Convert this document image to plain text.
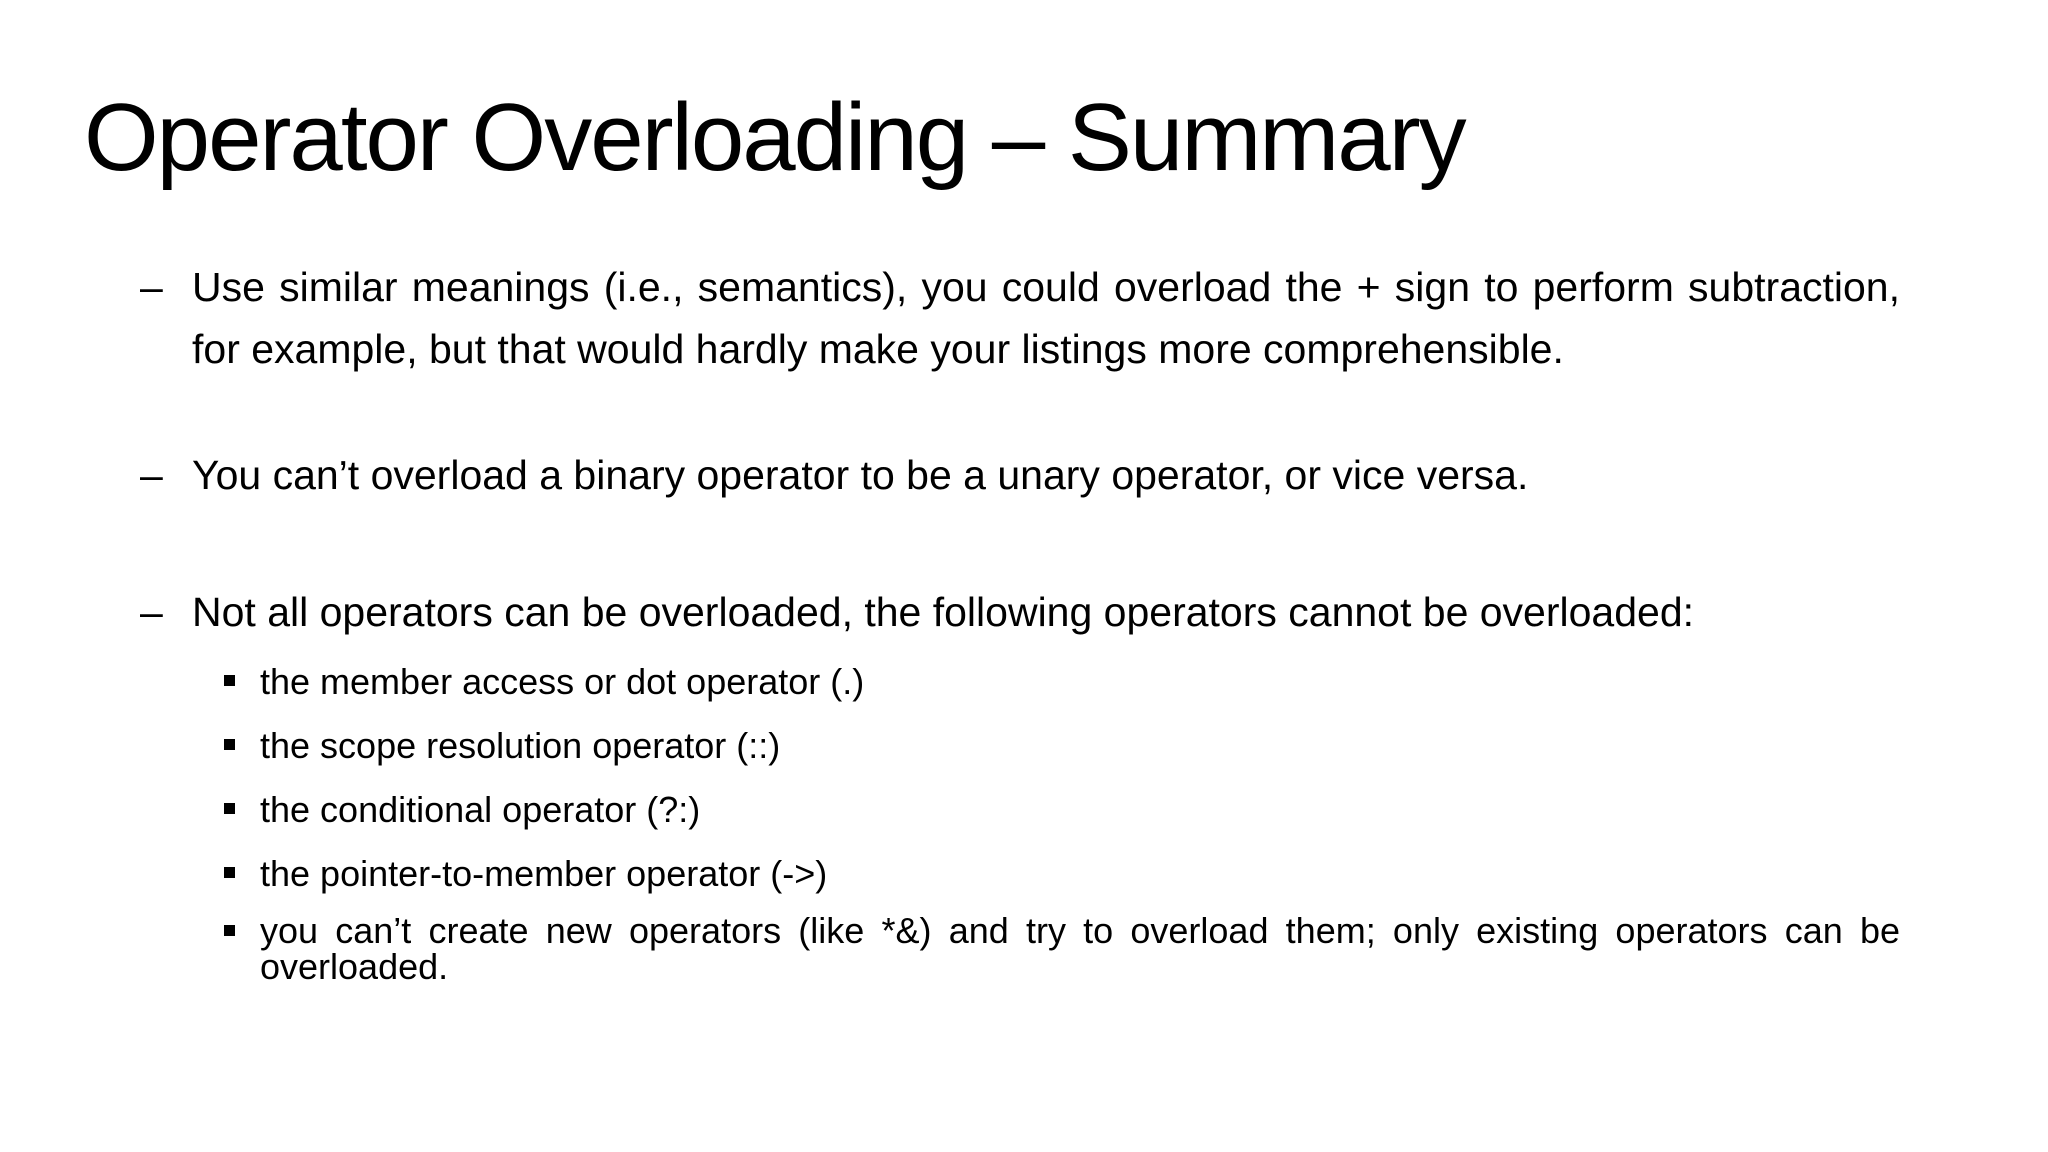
Operator Overloading – Summary
– Use similar meanings (i.e., semantics), you could overload the + sign to perform subtraction, for example, but that would hardly make your listings more comprehensible.
– You can’t overload a binary operator to be a unary operator, or vice versa.
– Not all operators can be overloaded, the following operators cannot be overloaded:
the member access or dot operator (.)
the scope resolution operator (::)
the conditional operator (?:)
the pointer-to-member operator (->)
you can’t create new operators (like *&) and try to overload them; only existing operators can be overloaded.
